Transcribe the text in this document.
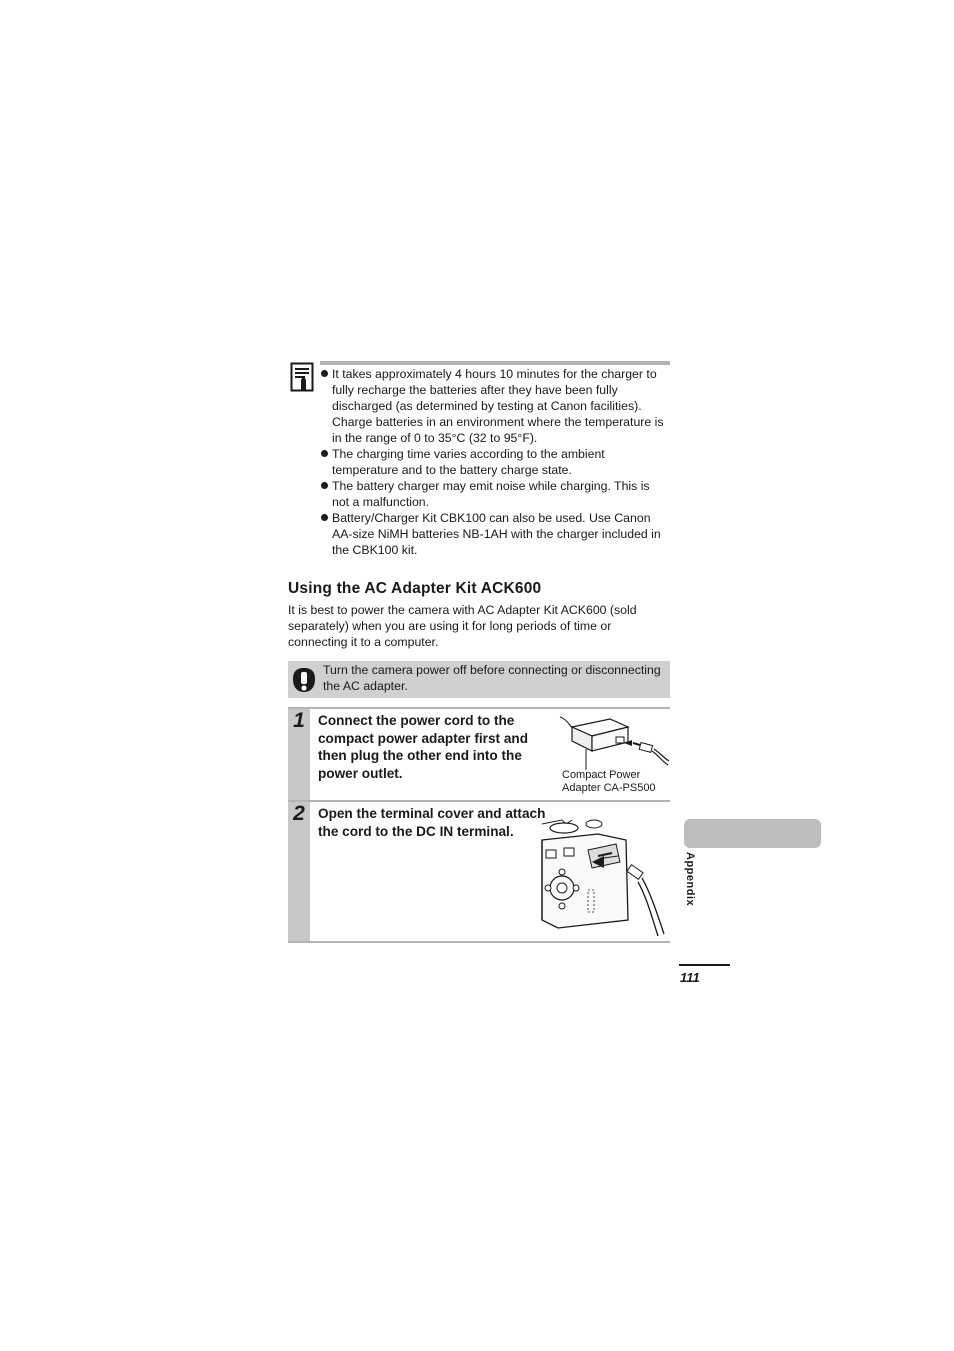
It takes approximately 4 hours 10 minutes for the charger to fully recharge the batteries after they have been fully discharged (as determined by testing at Canon facilities). Charge batteries in an environment where the temperature is in the range of 0 to 35°C (32 to 95°F).
The charging time varies according to the ambient temperature and to the battery charge state.
The battery charger may emit noise while charging. This is not a malfunction.
Battery/Charger Kit CBK100 can also be used. Use Canon AA-size NiMH batteries NB-1AH with the charger included in the CBK100 kit.
Using the AC Adapter Kit ACK600

It is best to power the camera with AC Adapter Kit ACK600 (sold separately) when you are using it for long periods of time or connecting it to a computer.

Turn the camera power off before connecting or disconnecting the AC adapter.
1 Connect the power cord to the compact power adapter first and then plug the other end into the power outlet.	Compact Power
Adapter CA-PS500
2 Open the terminal cover and attach the cord to the DC IN terminal.
Appendix
111
